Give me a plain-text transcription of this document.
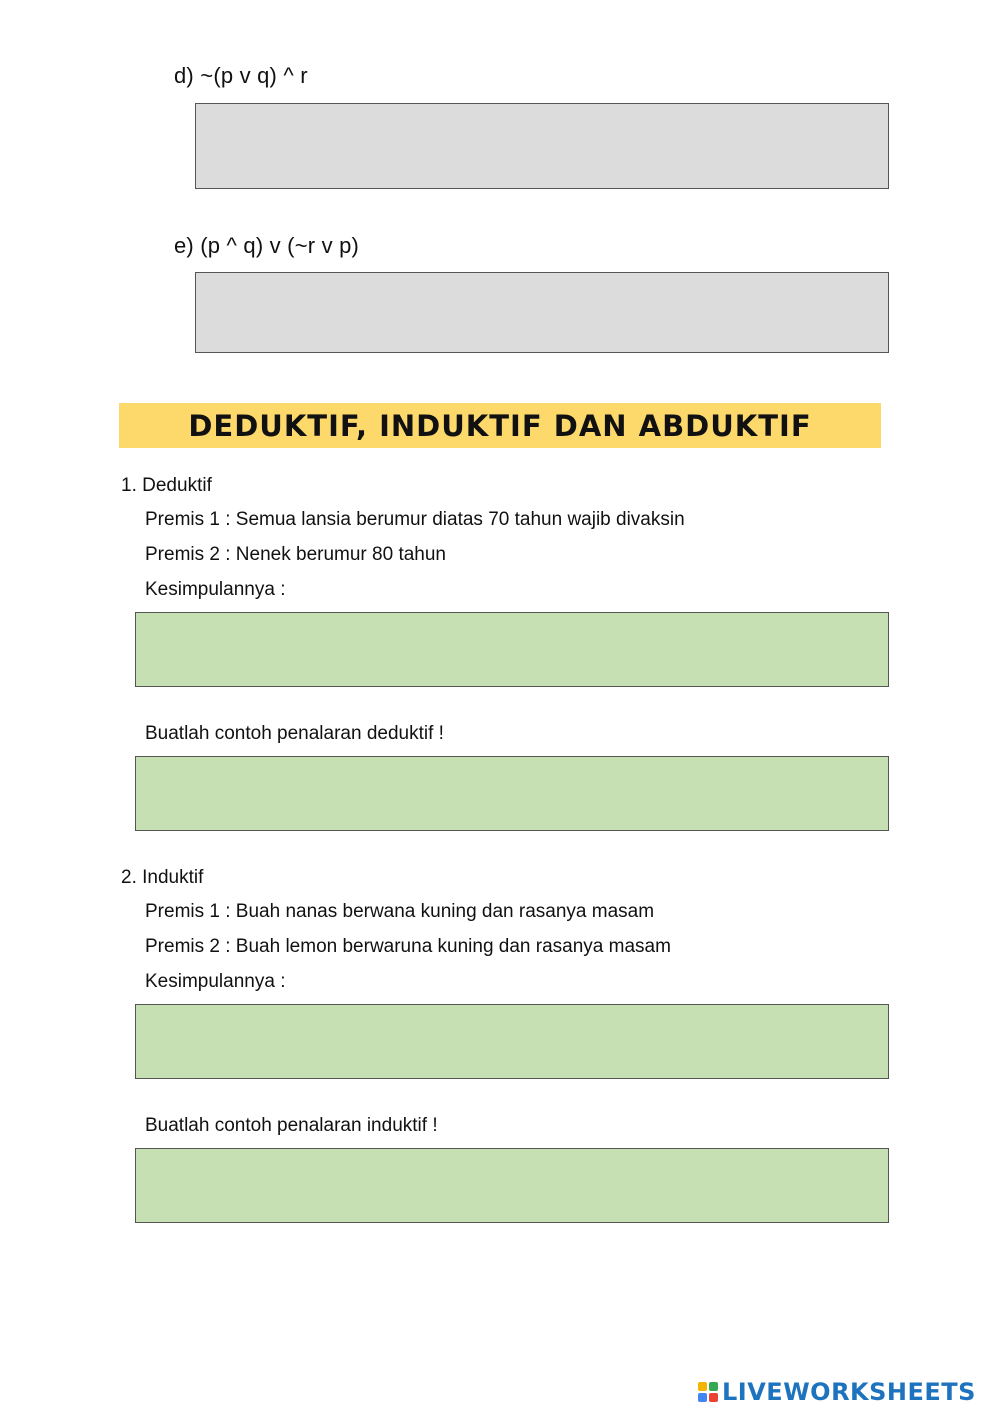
d) ~(p v q) ^ r
e) (p ^ q) v (~r v p)
DEDUKTIF, INDUKTIF DAN ABDUKTIF
1. Deduktif
Premis 1 : Semua lansia berumur diatas 70 tahun wajib divaksin
Premis 2 : Nenek berumur 80 tahun
Kesimpulannya :
Buatlah contoh penalaran deduktif !
2. Induktif
Premis 1 : Buah nanas berwana kuning dan rasanya masam
Premis 2 : Buah lemon berwaruna kuning dan rasanya masam
Kesimpulannya :
Buatlah contoh penalaran induktif !
LIVEWORKSHEETS
